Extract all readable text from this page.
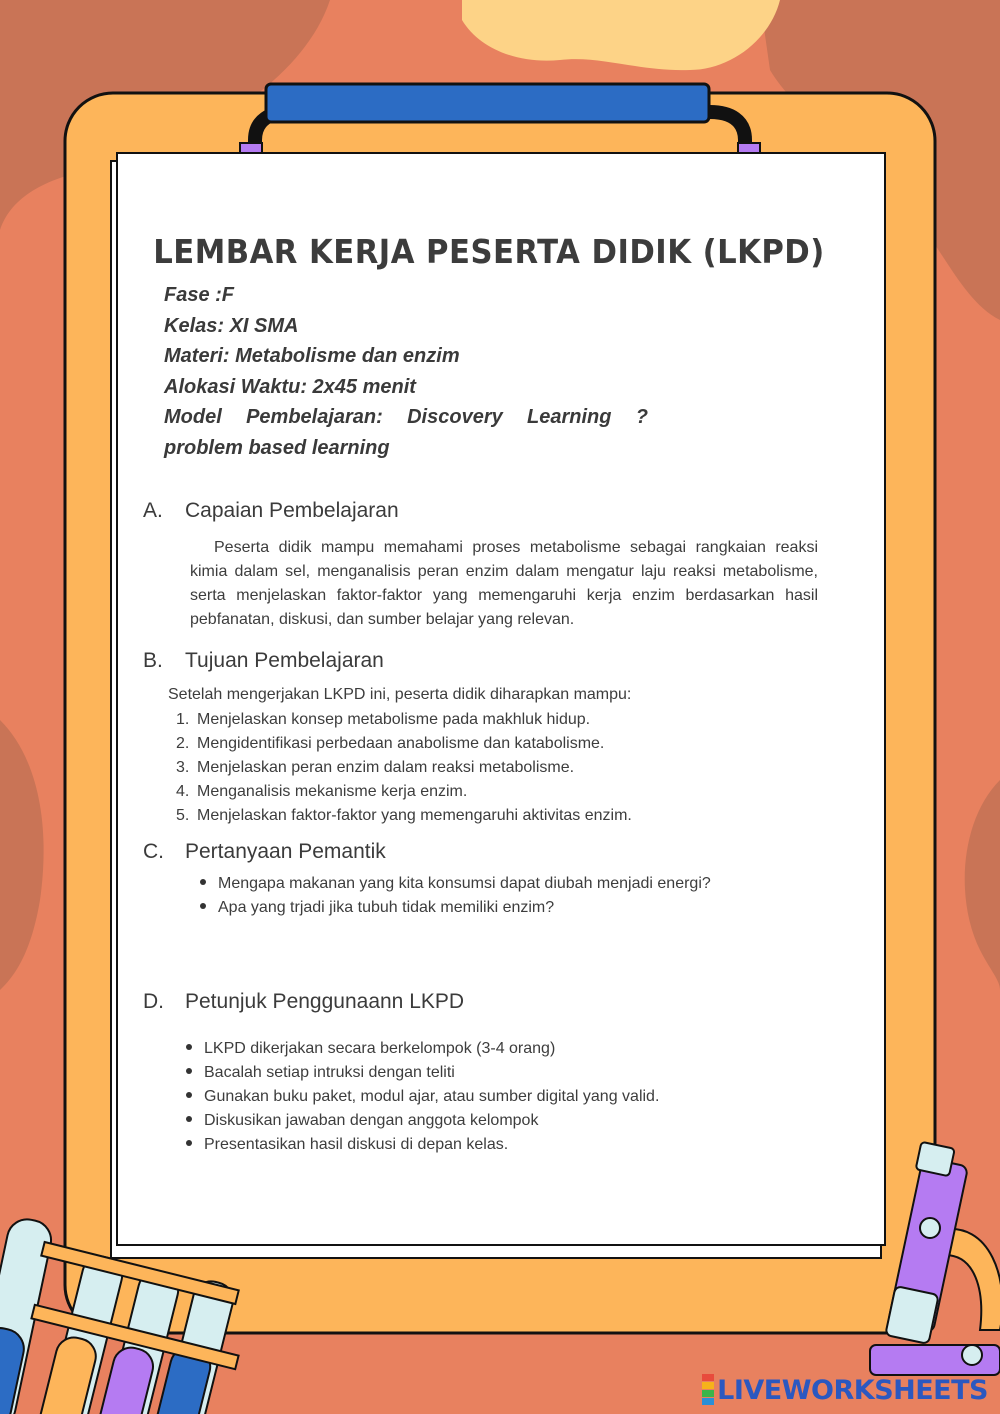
LEMBAR KERJA PESERTA DIDIK (LKPD)
Fase :F
Kelas: XI SMA
Materi: Metabolisme dan enzim
Alokasi Waktu: 2x45 menit
Model Pembelajaran: Discovery Learning ?
problem based learning
A. Capaian Pembelajaran
Peserta didik mampu memahami proses metabolisme sebagai rangkaian reaksi kimia dalam sel, menganalisis peran enzim dalam mengatur laju reaksi metabolisme, serta menjelaskan faktor-faktor yang memengaruhi kerja enzim berdasarkan hasil pebfanatan, diskusi, dan sumber belajar yang relevan.
B. Tujuan Pembelajaran
Setelah mengerjakan LKPD ini, peserta didik diharapkan mampu:
1. Menjelaskan konsep metabolisme pada makhluk hidup.
2. Mengidentifikasi perbedaan anabolisme dan katabolisme.
3. Menjelaskan peran enzim dalam reaksi metabolisme.
4. Menganalisis mekanisme kerja enzim.
5. Menjelaskan faktor-faktor yang memengaruhi aktivitas enzim.
C. Pertanyaan Pemantik
Mengapa makanan yang kita konsumsi dapat diubah menjadi energi?
Apa yang trjadi jika tubuh tidak memiliki enzim?
D. Petunjuk Penggunaann LKPD
LKPD dikerjakan secara berkelompok (3-4 orang)
Bacalah setiap intruksi dengan teliti
Gunakan buku paket, modul ajar, atau sumber digital yang valid.
Diskusikan jawaban dengan anggota kelompok
Presentasikan hasil diskusi di depan kelas.
LIVEWORKSHEETS
